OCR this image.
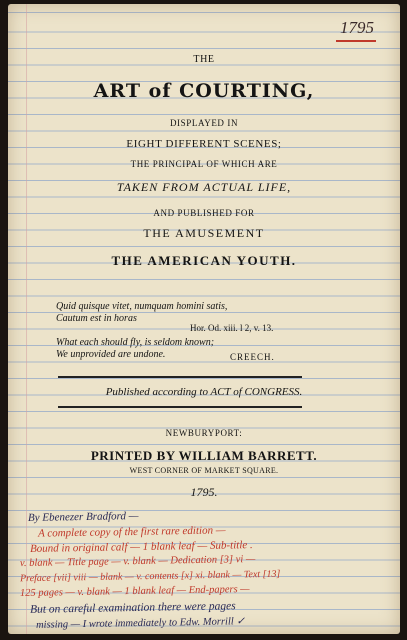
1795
THE
ART of COURTING,
DISPLAYED IN
EIGHT DIFFERENT SCENES;
THE PRINCIPAL OF WHICH ARE
TAKEN FROM ACTUAL LIFE,
AND PUBLISHED FOR
THE AMUSEMENT
THE AMERICAN YOUTH.
Quid quisque vitet, numquam homini satis,
Cautum est in horas
Hor. Od. xiii. l 2, v. 13.
What each should fly, is seldom known;
We unprovided are undone.	CREECH.
Published according to ACT of CONGRESS.
NEWBURYPORT:
PRINTED BY WILLIAM BARRETT.
WEST CORNER OF MARKET SQUARE.
1795.
By Ebenezer Bradford —
A complete copy of the first rare edition —
Bound in original calf — 1 blank leaf — Sub-title .
v. blank — Title page — v. blank — Dedication [3] vi —
Preface [vii] viii — blank — v. contents [x] xi. blank — Text [13]
125 pages — v. blank — 1 blank leaf — End-papers —
But on careful examination there were pages
missing — I wrote immediately to Edw. Morrill ✓
